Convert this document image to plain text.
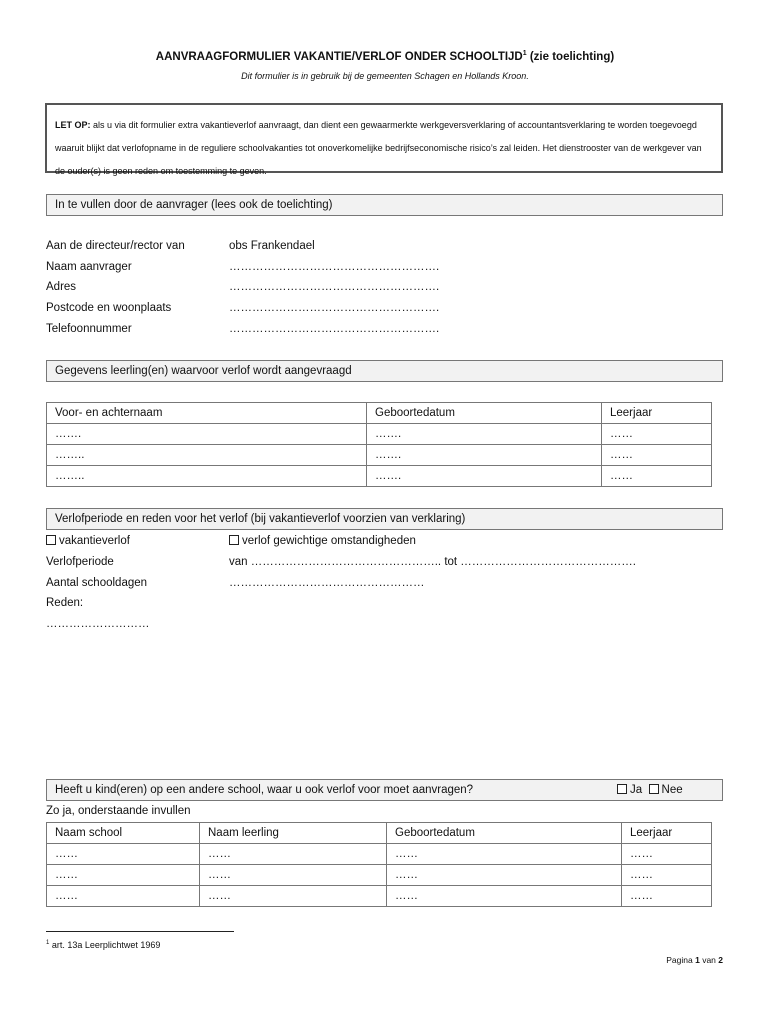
AANVRAAGFORMULIER VAKANTIE/VERLOF ONDER SCHOOLTIJD$^1$ (zie toelichting)
Dit formulier is in gebruik bij de gemeenten Schagen en Hollands Kroon.
LET OP: als u via dit formulier extra vakantieverlof aanvraagt, dan dient een gewaarmerkte werkgeversverklaring of accountantsverklaring te worden toegevoegd waaruit blijkt dat verlofopname in de reguliere schoolvakanties tot onoverkomelijke bedrijfseconomische risico’s zal leiden. Het dienstrooster van de werkgever van de ouder(s) is geen reden om toestemming te geven.
In te vullen door de aanvrager (lees ook de toelichting)
Aan de directeur/rector van	obs Frankendael
Naam aanvrager	……………………………………………….
Adres	……………………………………………….
Postcode en woonplaats	……………………………………………….
Telefoonnummer	……………………………………………….
Gegevens leerling(en) waarvoor verlof wordt aangevraagd
Voor- en achternaam	Geboortedatum	Leerjaar
…….	…….	……
……..	…….	……
……..	…….	……
Verlofperiode en reden voor het verlof (bij vakantieverlof voorzien van verklaring)
vakantieverlof	verlof gewichtige omstandigheden
Verlofperiode	van ………………………………………….. tot ……………………………………….
Aantal schooldagen	……………………………………………
Reden:
………………………
Heeft u kind(eren) op een andere school, waar u ook verlof voor moet aanvragen?	Ja Nee
Zo ja, onderstaande invullen
Naam school	Naam leerling	Geboortedatum	Leerjaar
……	……	……	……
……	……	……	……
……	……	……	……
$^1$ art. 13a Leerplichtwet 1969
Pagina 1 van 2
